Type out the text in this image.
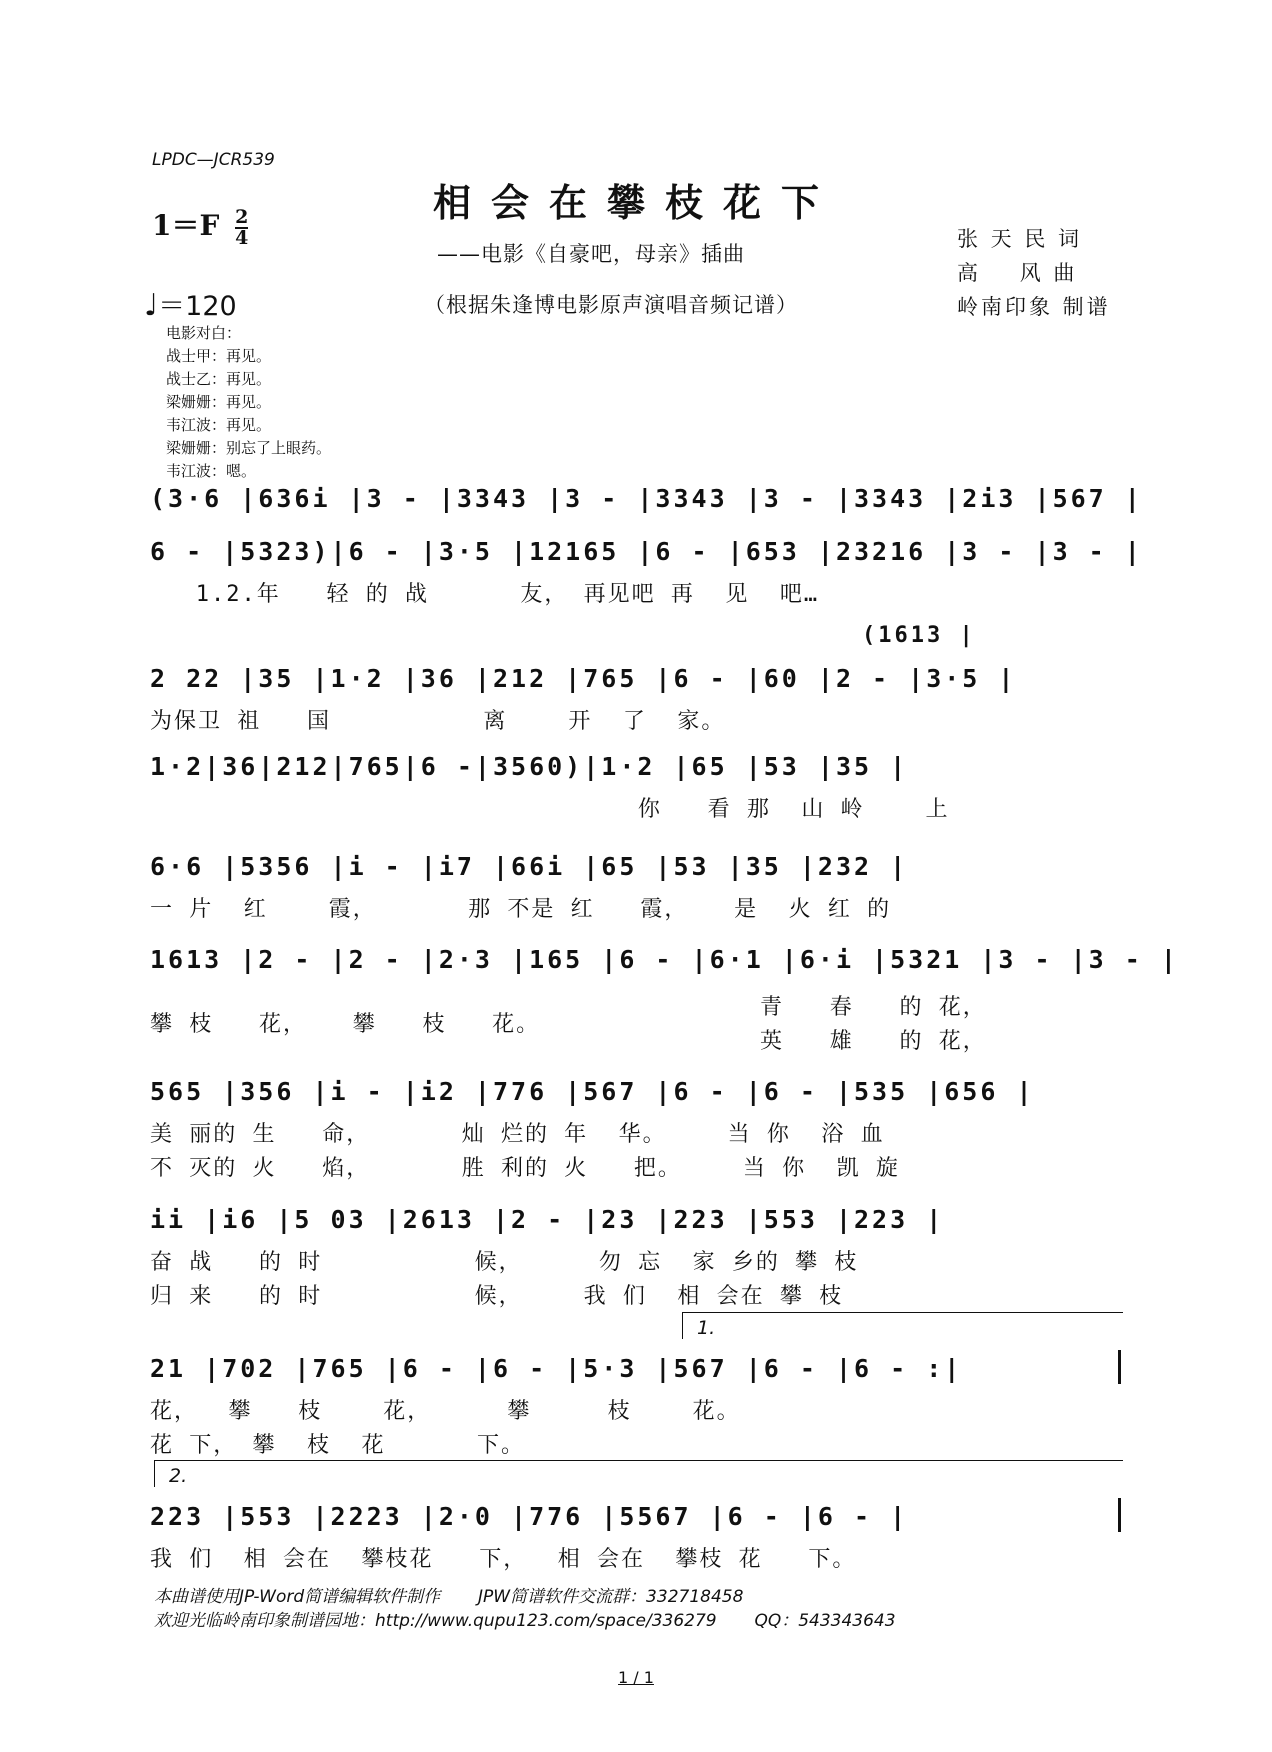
LPDC—JCR539
相会在攀枝花下
——电影《自豪吧，母亲》插曲
（根据朱逢博电影原声演唱音频记谱）
张 天 民 词
高    风 曲
岭南印象 制谱
$1=F \frac{2}{4}$
♩＝120
电影对白：
战士甲：再见。
战士乙：再见。
梁姗姗：再见。
韦江波：再见。
梁姗姗：别忘了上眼药。
韦江波：嗯。
(3·6 |636i |3 - |3343 |3 - |3343 |3 - |3343 |2i3 |567 |
6 - |5323)|6 - |3·5 |12165 |6 - |653 |23216 |3 - |3 - |
1.2.年   轻 的 战      友， 再见吧 再  见  吧…
(1613 |
2 22 |35 |1·2 |36 |212 |765 |6 - |60 |2 - |3·5 |
为保卫 祖   国          离    开  了  家。
1·2|36|212|765|6 -|3560)|1·2 |65 |53 |35 |
你   看 那  山 岭    上
6·6 |5356 |i - |i7 |66i |65 |53 |35 |232 |
一 片  红    霞，      那 不是 红   霞，   是  火 红 的
1613 |2 - |2 - |2·3 |165 |6 - |6·1 |6·i |5321 |3 - |3 - |
攀 枝   花，   攀   枝   花。
青   春   的 花，
英   雄   的 花，
565 |356 |i - |i2 |776 |567 |6 - |6 - |535 |656 |
美 丽的 生   命，      灿 烂的 年  华。    当 你  浴 血
不 灭的 火   焰，      胜 利的 火   把。    当 你  凯 旋
ii |i6 |5 03 |2613 |2 - |23 |223 |553 |223 |
奋 战   的 时          候，     勿 忘  家 乡的 攀 枝
归 来   的 时          候，    我 们  相 会在 攀 枝
1.
21 |702 |765 |6 - |6 - |5·3 |567 |6 - |6 - :|
花，  攀   枝    花，     攀     枝    花。
花 下， 攀  枝  花      下。
2.
223 |553 |2223 |2·0 |776 |5567 |6 - |6 - |
我 们  相 会在  攀枝花   下，  相 会在  攀枝 花   下。
本曲谱使用JP-Word简谱编辑软件制作       JPW简谱软件交流群：332718458
欢迎光临岭南印象制谱园地：http://www.qupu123.com/space/336279       QQ：543343643
1 / 1
